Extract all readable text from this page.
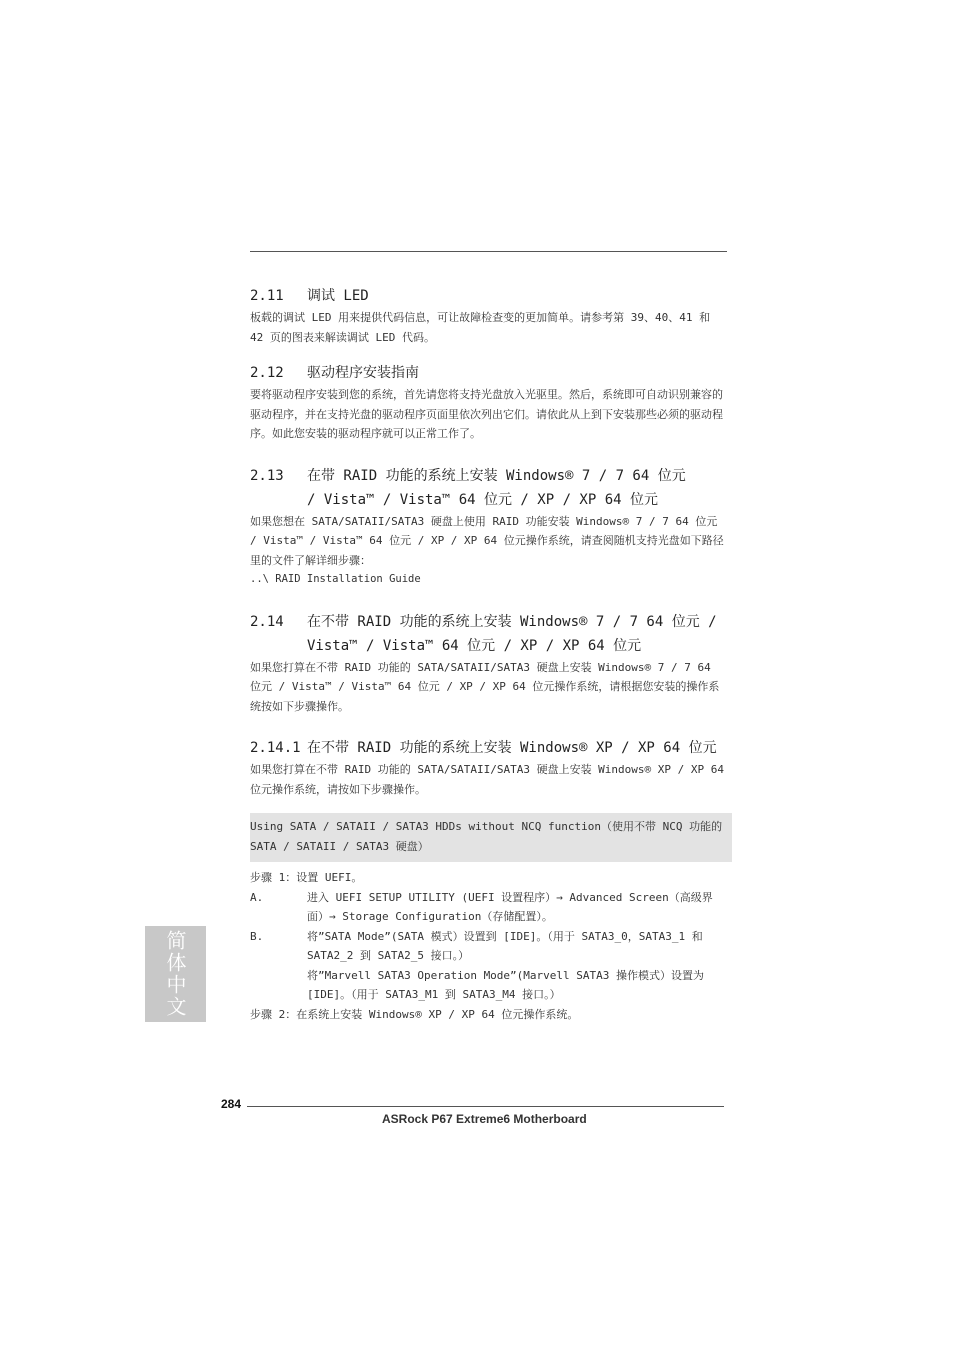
2.11	调试 LED
板载的调试 LED 用来提供代码信息，可让故障检查变的更加简单。请参考第 39、40、41 和 42 页的图表来解读调试 LED 代码。
2.12	驱动程序安装指南
要将驱动程序安装到您的系统，首先请您将支持光盘放入光驱里。然后，系统即可自动识别兼容的驱动程序，并在支持光盘的驱动程序页面里依次列出它们。请依此从上到下安装那些必须的驱动程序。如此您安装的驱动程序就可以正常工作了。
2.13	在带 RAID 功能的系统上安装 Windows® 7 / 7 64 位元
/ Vista™ / Vista™ 64 位元 / XP / XP 64 位元
如果您想在 SATA/SATAII/SATA3 硬盘上使用 RAID 功能安装 Windows® 7 / 7 64 位元 / Vista™ / Vista™ 64 位元 / XP / XP 64 位元操作系统，请查阅随机支持光盘如下路径里的文件了解详细步骤：
..\ RAID Installation Guide
2.14	在不带 RAID 功能的系统上安装 Windows® 7 / 7 64 位元 /
Vista™ / Vista™ 64 位元 / XP / XP 64 位元
如果您打算在不带 RAID 功能的 SATA/SATAII/SATA3 硬盘上安装 Windows® 7 / 7 64 位元 / Vista™ / Vista™ 64 位元 / XP / XP 64 位元操作系统，请根据您安装的操作系统按如下步骤操作。
2.14.1 在不带 RAID 功能的系统上安装 Windows® XP / XP 64 位元
如果您打算在不带 RAID 功能的 SATA/SATAII/SATA3 硬盘上安装 Windows® XP / XP 64 位元操作系统，请按如下步骤操作。
Using SATA / SATAII / SATA3 HDDs without NCQ function（使用不带 NCQ 功能的 SATA / SATAII / SATA3 硬盘）
步骤 1：设置 UEFI。
A.	进入 UEFI SETUP UTILITY (UEFI 设置程序）→ Advanced Screen（高级界面）→ Storage Configuration（存储配置）。
B.	将”SATA Mode”(SATA 模式）设置到 [IDE]。（用于 SATA3_0，SATA3_1 和 SATA2_2 到 SATA2_5 接口。）
将”Marvell SATA3 Operation Mode”(Marvell SATA3 操作模式）设置为 [IDE]。（用于 SATA3_M1 到 SATA3_M4 接口。）
步骤 2：在系统上安装 Windows® XP / XP 64 位元操作系统。
简体中文
284
ASRock P67 Extreme6 Motherboard
